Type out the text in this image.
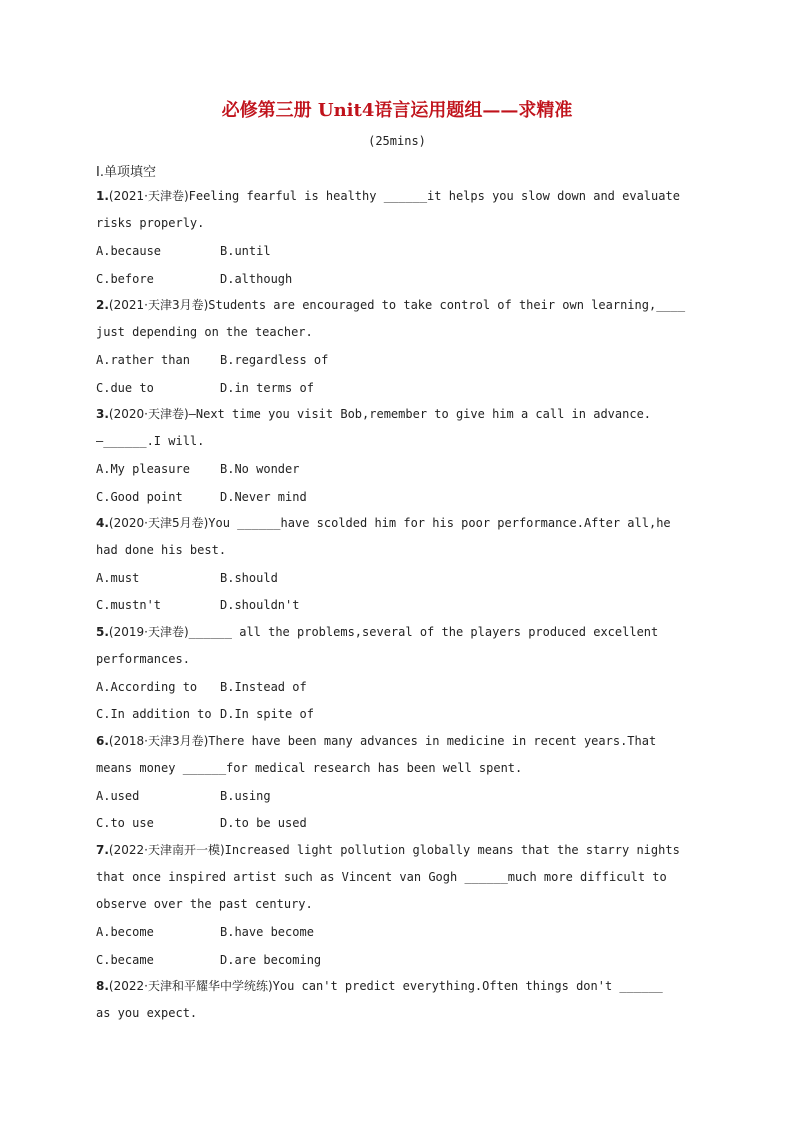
必修第三册 Unit4语言运用题组——求精准
(25mins)
Ⅰ.单项填空
1.(2021·天津卷)Feeling fearful is healthy ______it helps you slow down and evaluate
risks properly.
A.because	B.until
C.before	D.although
2.(2021·天津3月卷)Students are encouraged to take control of their own learning,____
just depending on the teacher.
A.rather than	B.regardless of
C.due to	D.in terms of
3.(2020·天津卷)—Next time you visit Bob,remember to give him a call in advance.
—______.I will.
A.My pleasure	B.No wonder
C.Good point	D.Never mind
4.(2020·天津5月卷)You ______have scolded him for his poor performance.After all,he
had done his best.
A.must	B.should
C.mustn't	D.shouldn't
5.(2019·天津卷)______ all the problems,several of the players produced excellent
performances.
A.According to B.Instead of
C.In addition to D.In spite of
6.(2018·天津3月卷)There have been many advances in medicine in recent years.That
means money ______for medical research has been well spent.
A.used	B.using
C.to use	D.to be used
7.(2022·天津南开一模)Increased light pollution globally means that the starry nights
that once inspired artist such as Vincent van Gogh ______much more difficult to
observe over the past century.
A.become	B.have become
C.became	D.are becoming
8.(2022·天津和平耀华中学统练)You can't predict everything.Often things don't ______
as you expect.
